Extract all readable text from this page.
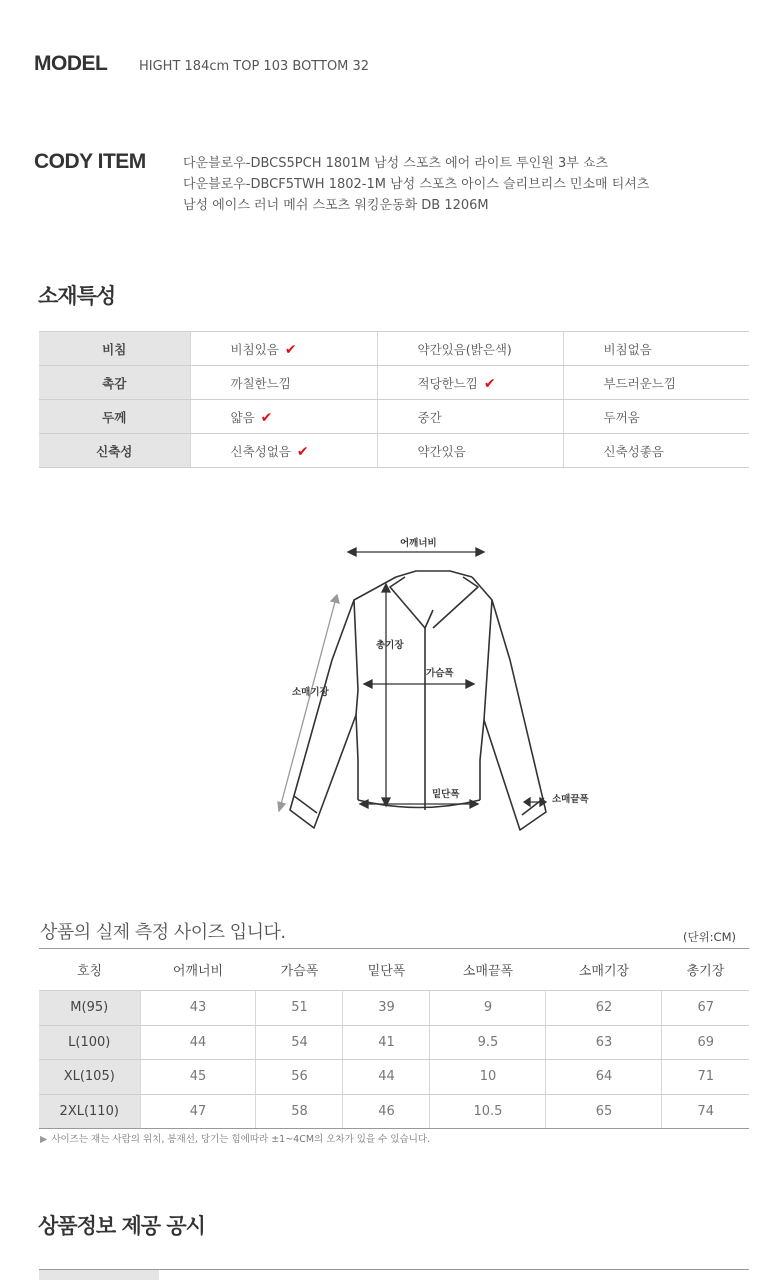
MODEL	HIGHT 184cm TOP 103 BOTTOM 32
CODY ITEM	다운블로우-DBCS5PCH 1801M 남성 스포츠 에어 라이트 투인원 3부 쇼츠
다운블로우-DBCF5TWH 1802-1M 남성 스포츠 아이스 슬리브리스 민소매 티셔츠
남성 에이스 러너 메쉬 스포츠 워킹운동화 DB 1206M
소재특성
비침	비침있음 ✔	약간있음(밝은색)	비침없음
촉감	까칠한느낌	적당한느낌 ✔	부드러운느낌
두께	얇음 ✔	중간	두꺼움
신축성	신축성없음 ✔	약간있음	신축성좋음
어깨너비
총기장
가슴폭
소매기장
밑단폭	소매끝폭
상품의 실제 측정 사이즈 입니다.	(단위:CM)
호칭	어깨너비	가슴폭	밑단폭	소매끝폭	소매기장	총기장
M(95)	43	51	39	9	62	67
L(100)	44	54	41	9.5	63	69
XL(105)	45	56	44	10	64	71
2XL(110)	47	58	46	10.5	65	74
▶ 사이즈는 재는 사람의 위치, 봉재선, 당기는 힘에따라 ±1~4CM의 오차가 있을 수 있습니다.
상품정보 제공 공시
